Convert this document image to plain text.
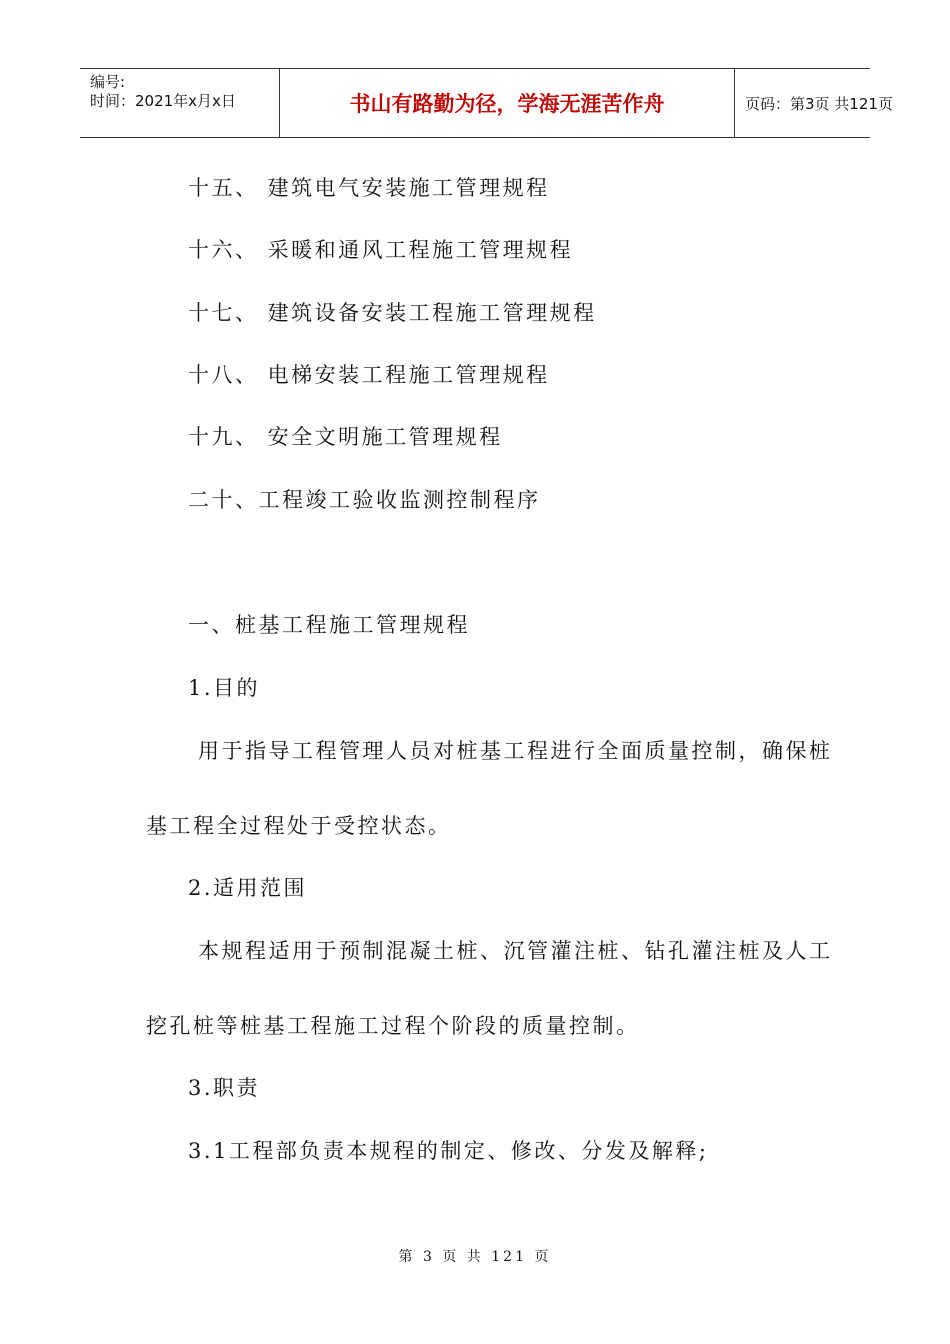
编号:
时间：2021年x月x日	书山有路勤为径，学海无涯苦作舟	页码：第3页 共121页
十五、 建筑电气安装施工管理规程
十六、 采暖和通风工程施工管理规程
十七、 建筑设备安装工程施工管理规程
十八、 电梯安装工程施工管理规程
十九、 安全文明施工管理规程
二十、工程竣工验收监测控制程序
一、桩基工程施工管理规程
1.目的
用于指导工程管理人员对桩基工程进行全面质量控制，确保桩
基工程全过程处于受控状态。
2.适用范围
本规程适用于预制混凝土桩、沉管灌注桩、钻孔灌注桩及人工
挖孔桩等桩基工程施工过程个阶段的质量控制。
3.职责
3.1工程部负责本规程的制定、修改、分发及解释;
第 3 页 共 121 页
